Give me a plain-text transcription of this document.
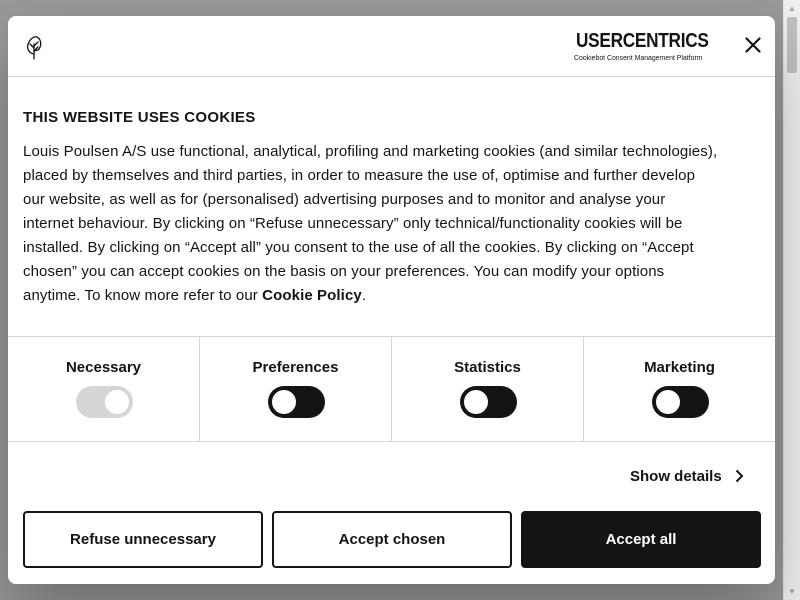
▲
▼
USERCENTRICS
Cookiebot Consent Management Platform
THIS WEBSITE USES COOKIES
Louis Poulsen A/S use functional, analytical, profiling and marketing cookies (and similar technologies),
placed by themselves and third parties, in order to measure the use of, optimise and further develop
our website, as well as for (personalised) advertising purposes and to monitor and analyse your
internet behaviour. By clicking on “Refuse unnecessary” only technical/functionality cookies will be
installed. By clicking on “Accept all” you consent to the use of all the cookies. By clicking on “Accept
chosen” you can accept cookies on the basis on your preferences. You can modify your options
anytime. To know more refer to our Cookie Policy.
Necessary	Preferences	Statistics	Marketing
Show details
Refuse unnecessary	Accept chosen	Accept all
